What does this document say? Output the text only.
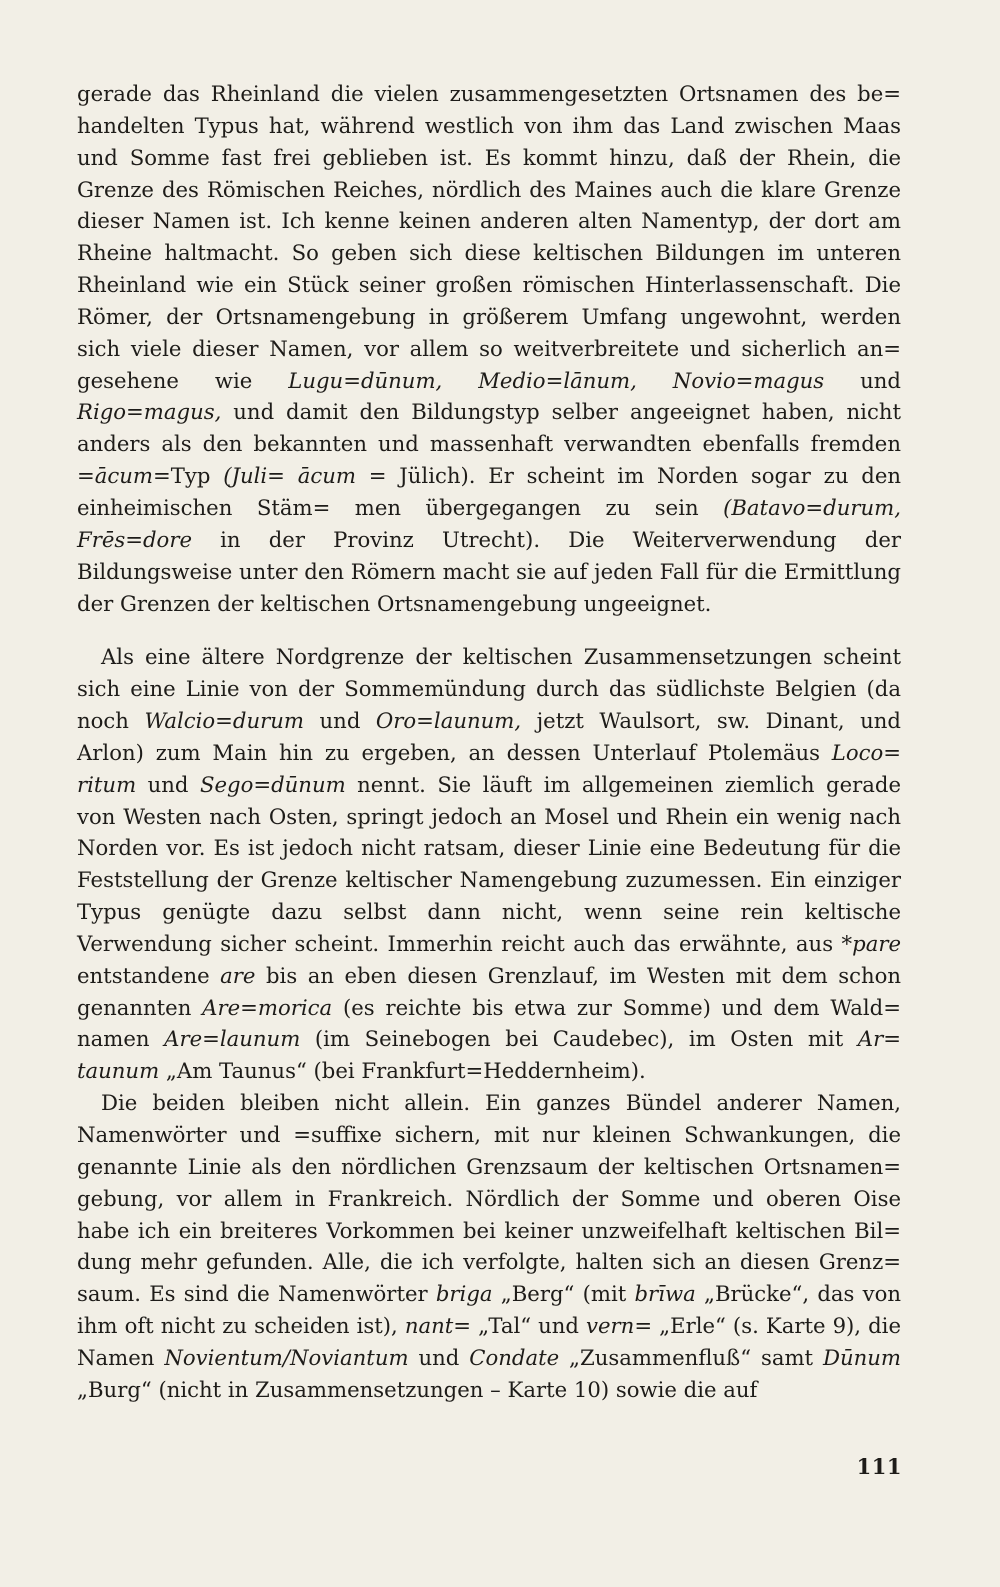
gerade das Rheinland die vielen zusammengesetzten Ortsnamen des be= handelten Typus hat, während westlich von ihm das Land zwischen Maas und Somme fast frei geblieben ist. Es kommt hinzu, daß der Rhein, die Grenze des Römischen Reiches, nördlich des Maines auch die klare Grenze dieser Namen ist. Ich kenne keinen anderen alten Namentyp, der dort am Rheine haltmacht. So geben sich diese keltischen Bildungen im unteren Rheinland wie ein Stück seiner großen römischen Hinterlassenschaft. Die Römer, der Ortsnamengebung in größerem Umfang ungewohnt, werden sich viele dieser Namen, vor allem so weitverbreitete und sicherlich an= gesehene wie Lugu=dūnum, Medio=lānum, Novio=magus und Rigo=magus, und damit den Bildungstyp selber angeeignet haben, nicht anders als den bekannten und massenhaft verwandten ebenfalls fremden =ācum=Typ (Juli= ācum = Jülich). Er scheint im Norden sogar zu den einheimischen Stäm= men übergegangen zu sein (Batavo=durum, Frēs=dore in der Provinz Utrecht). Die Weiterverwendung der Bildungsweise unter den Römern macht sie auf jeden Fall für die Ermittlung der Grenzen der keltischen Ortsnamengebung ungeeignet.

Als eine ältere Nordgrenze der keltischen Zusammensetzungen scheint sich eine Linie von der Sommemündung durch das südlichste Belgien (da noch Walcio=durum und Oro=launum, jetzt Waulsort, sw. Dinant, und Arlon) zum Main hin zu ergeben, an dessen Unterlauf Ptolemäus Loco= ritum und Sego=dūnum nennt. Sie läuft im allgemeinen ziemlich gerade von Westen nach Osten, springt jedoch an Mosel und Rhein ein wenig nach Norden vor. Es ist jedoch nicht ratsam, dieser Linie eine Bedeutung für die Feststellung der Grenze keltischer Namengebung zuzumessen. Ein einziger Typus genügte dazu selbst dann nicht, wenn seine rein keltische Verwendung sicher scheint. Immerhin reicht auch das erwähnte, aus *pare entstandene are bis an eben diesen Grenzlauf, im Westen mit dem schon genannten Are=morica (es reichte bis etwa zur Somme) und dem Wald= namen Are=launum (im Seinebogen bei Caudebec), im Osten mit Ar= taunum „Am Taunus“ (bei Frankfurt=Heddernheim).

Die beiden bleiben nicht allein. Ein ganzes Bündel anderer Namen, Namenwörter und =suffixe sichern, mit nur kleinen Schwankungen, die genannte Linie als den nördlichen Grenzsaum der keltischen Ortsnamen= gebung, vor allem in Frankreich. Nördlich der Somme und oberen Oise habe ich ein breiteres Vorkommen bei keiner unzweifelhaft keltischen Bil= dung mehr gefunden. Alle, die ich verfolgte, halten sich an diesen Grenz= saum. Es sind die Namenwörter briga „Berg“ (mit brīwa „Brücke“, das von ihm oft nicht zu scheiden ist), nant= „Tal“ und vern= „Erle“ (s. Karte 9), die Namen Novientum/Noviantum und Condate „Zusammenfluß“ samt Dūnum „Burg“ (nicht in Zusammensetzungen – Karte 10) sowie die auf

111
